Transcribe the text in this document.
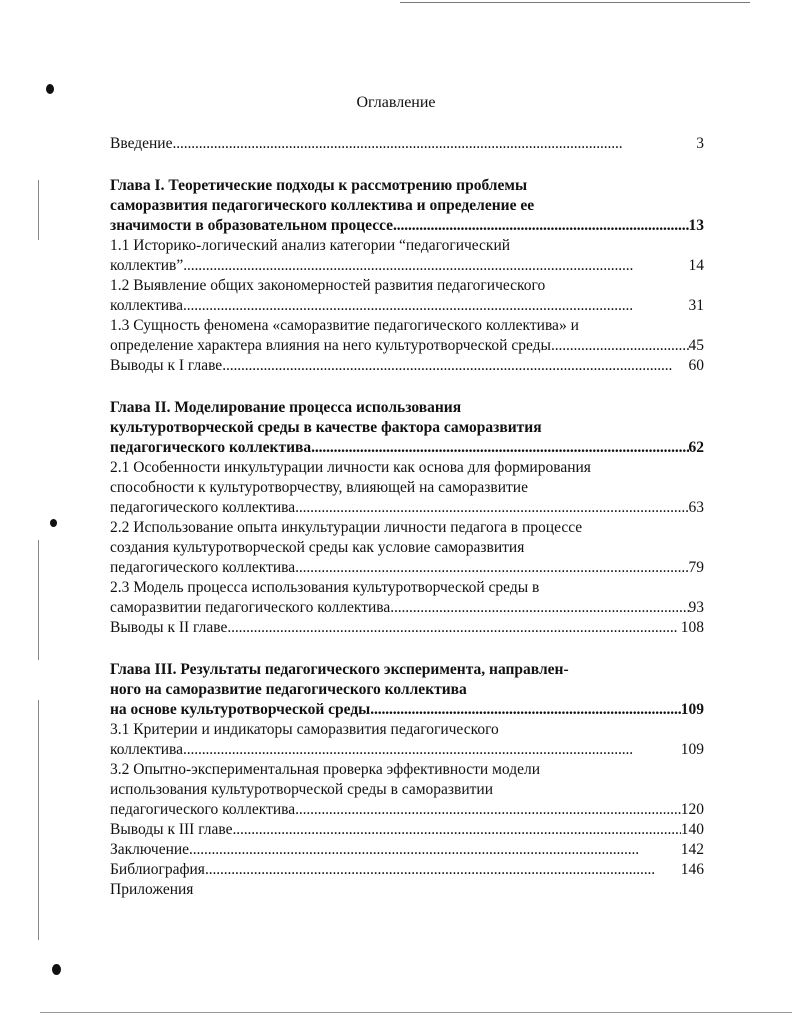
Оглавление
Введение . . .	3
Глава I. Теоретические подходы к рассмотрению проблемы
саморазвития педагогического коллектива и определение ее
значимости в образовательном процессе . . .	13
1.1 Историко-логический анализ категории “педагогический
коллектив” . . .	14
1.2 Выявление общих закономерностей развития педагогического
коллектива . . .	31
1.3 Сущность феномена «саморазвитие педагогического коллектива» и
определение характера влияния на него культуротворческой среды . . .	45
Выводы к I главе . . .	60
Глава II. Моделирование процесса использования
культуротворческой среды в качестве фактора саморазвития
педагогического коллектива . . .	62
2.1 Особенности инкультурации личности как основа для формирования
способности к культуротворчеству, влияющей на саморазвитие
педагогического коллектива . . .	63
2.2 Использование опыта инкультурации личности педагога в процессе
создания культуротворческой среды как условие саморазвития
педагогического коллектива . . .	79
2.3 Модель процесса использования культуротворческой среды в
саморазвитии педагогического коллектива . . .	93
Выводы к II главе . . .	108
Глава III. Результаты педагогического эксперимента, направлен-
ного на саморазвитие педагогического коллектива
на основе культуротворческой среды . . .	109
3.1 Критерии и индикаторы саморазвития педагогического
коллектива . . .	109
3.2 Опытно-экспериментальная проверка эффективности модели
использования культуротворческой среды в саморазвитии
педагогического коллектива . . .	120
Выводы к III главе . . .	140
Заключение . . .	142
Библиография . . .	146
Приложения
